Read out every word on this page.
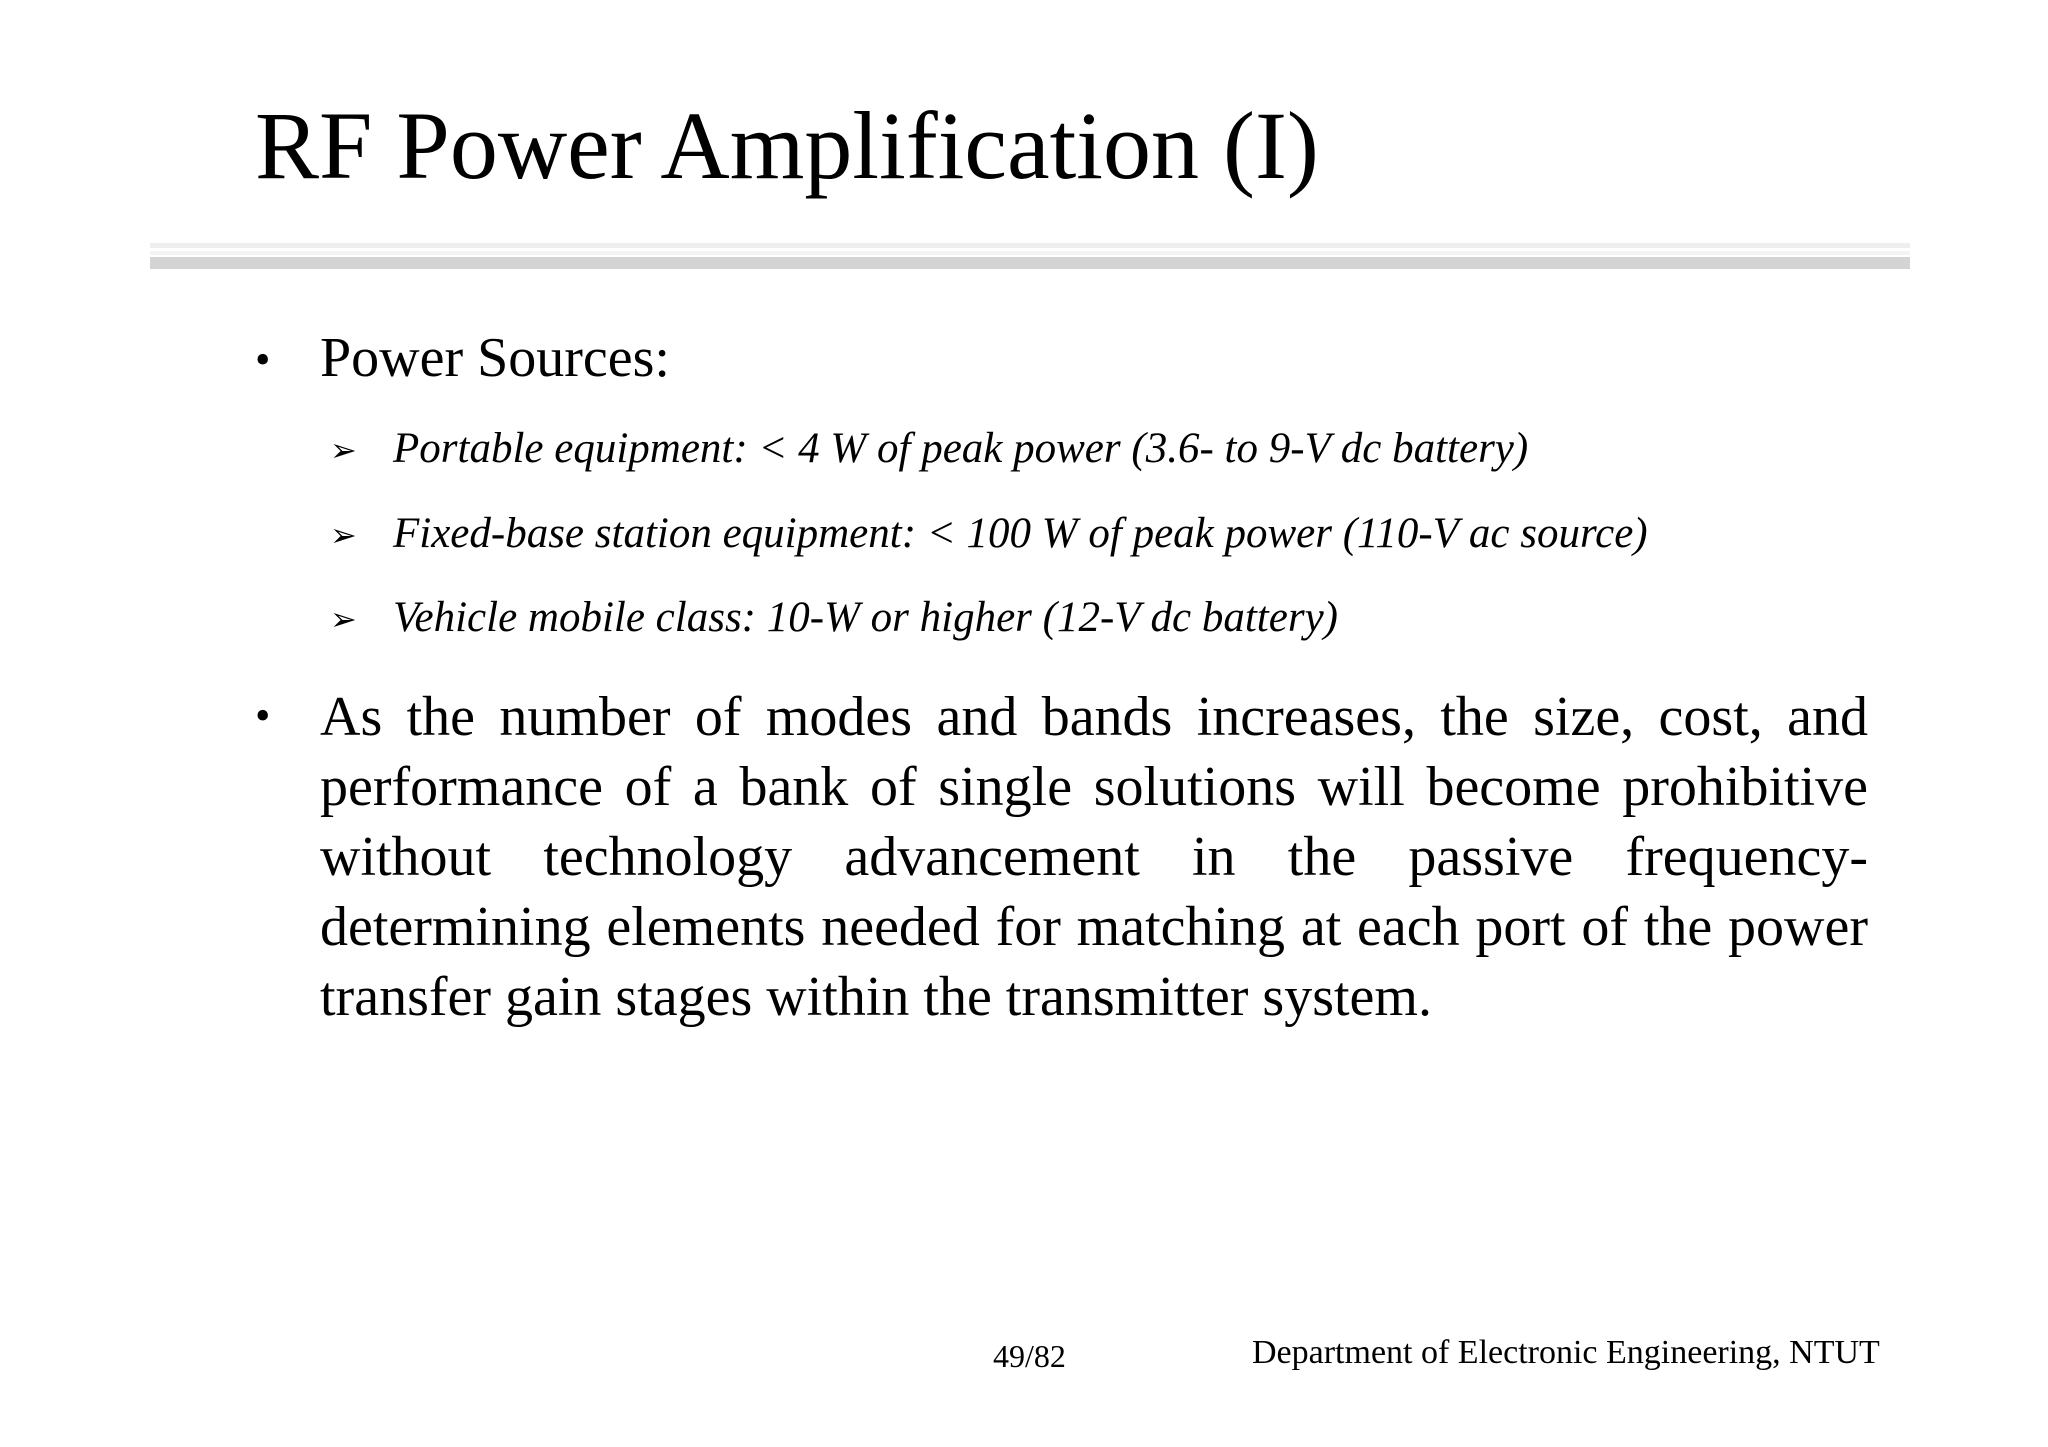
RF Power Amplification (I)
• Power Sources:
➢ Portable equipment: < 4 W of peak power (3.6- to 9-V dc battery)
➢ Fixed-base station equipment: < 100 W of peak power (110-V ac source)
➢ Vehicle mobile class: 10-W or higher (12-V dc battery)
• As the number of modes and bands increases, the size, cost, and performance of a bank of single solutions will become prohibitive without technology advancement in the passive frequency-determining elements needed for matching at each port of the power transfer gain stages within the transmitter system.
49/82	Department of Electronic Engineering, NTUT
